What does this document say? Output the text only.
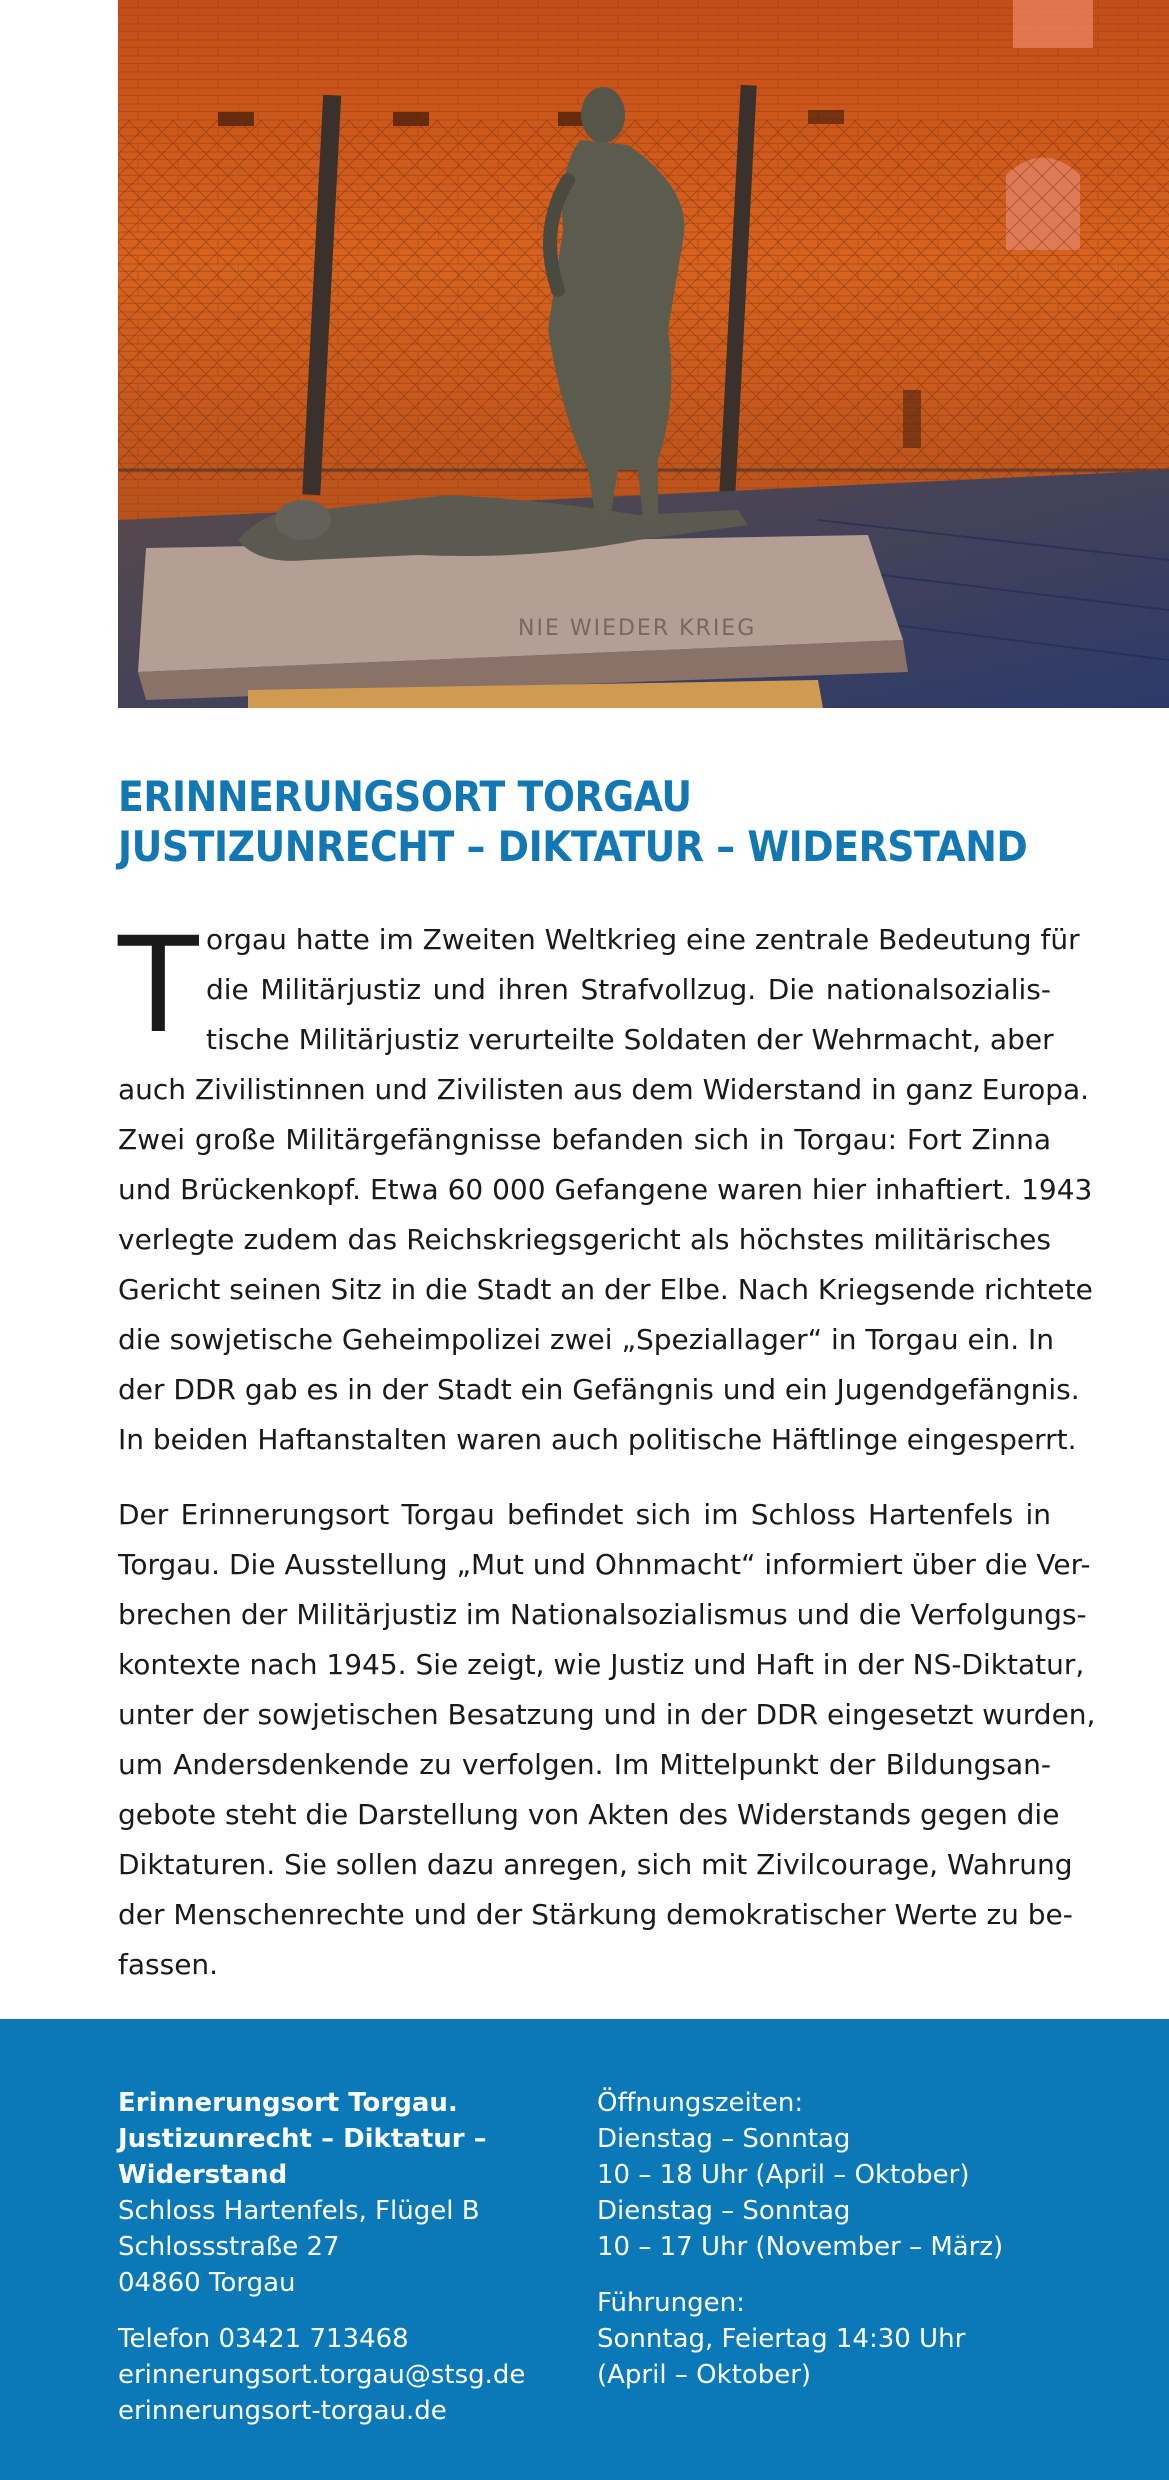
NIE WIEDER KRIEG
ERINNERUNGSORT TORGAU
JUSTIZUNRECHT – DIKTATUR – WIDERSTAND
T orgau hatte im Zweiten Weltkrieg eine zentrale Bedeutung für
die Militärjustiz und ihren Strafvollzug. Die nationalsozialis-
tische Militärjustiz verurteilte Soldaten der Wehrmacht, aber
auch Zivilistinnen und Zivilisten aus dem Widerstand in ganz Europa.
Zwei große Militärgefängnisse befanden sich in Torgau: Fort Zinna
und Brückenkopf. Etwa 60 000 Gefangene waren hier inhaftiert. 1943
verlegte zudem das Reichskriegsgericht als höchstes militärisches
Gericht seinen Sitz in die Stadt an der Elbe. Nach Kriegsende richtete
die sowjetische Geheimpolizei zwei „Speziallager“ in Torgau ein. In
der DDR gab es in der Stadt ein Gefängnis und ein Jugendgefängnis.
In beiden Haftanstalten waren auch politische Häftlinge eingesperrt.
Der Erinnerungsort Torgau befindet sich im Schloss Hartenfels in
Torgau. Die Ausstellung „Mut und Ohnmacht“ informiert über die Ver-
brechen der Militärjustiz im Nationalsozialismus und die Verfolgungs-
kontexte nach 1945. Sie zeigt, wie Justiz und Haft in der NS-Diktatur,
unter der sowjetischen Besatzung und in der DDR eingesetzt wurden,
um Andersdenkende zu verfolgen. Im Mittelpunkt der Bildungsan-
gebote steht die Darstellung von Akten des Widerstands gegen die
Diktaturen. Sie sollen dazu anregen, sich mit Zivilcourage, Wahrung
der Menschenrechte und der Stärkung demokratischer Werte zu be-
fassen.
Erinnerungsort Torgau.
Justizunrecht – Diktatur –
Widerstand
Schloss Hartenfels, Flügel B
Schlossstraße 27
04860 Torgau
Telefon 03421 713468
erinnerungsort.torgau@stsg.de
erinnerungsort-torgau.de
Öffnungszeiten:
Dienstag – Sonntag
10 – 18 Uhr (April – Oktober)
Dienstag – Sonntag
10 – 17 Uhr (November – März)
Führungen:
Sonntag, Feiertag 14:30 Uhr
(April – Oktober)
